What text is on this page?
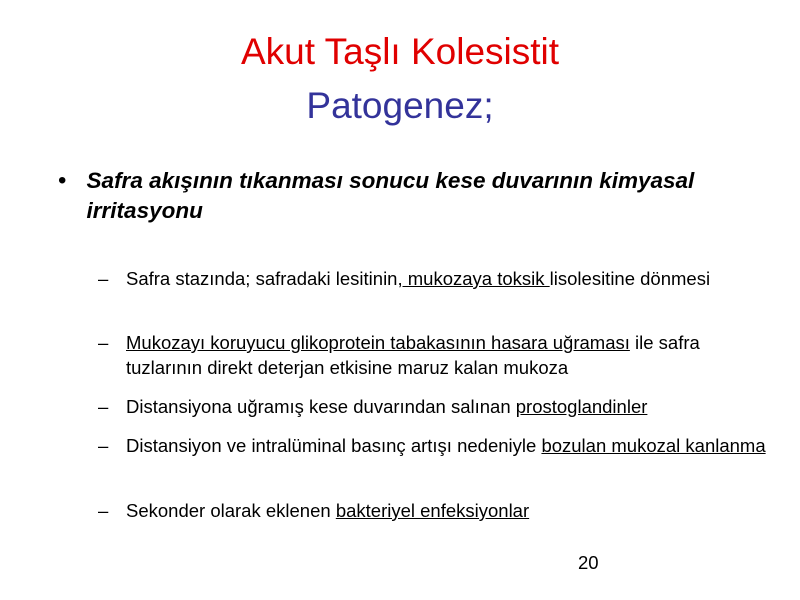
Akut Taşlı Kolesistit
Patogenez;
• Safra akışının tıkanması sonucu kese duvarının kimyasal irritasyonu
– Safra stazında; safradaki lesitinin, mukozaya toksik lisolesitine dönmesi
– Mukozayı koruyucu glikoprotein tabakasının hasara uğraması ile safra tuzlarının direkt deterjan etkisine maruz kalan mukoza
– Distansiyona uğramış kese duvarından salınan prostoglandinler
– Distansiyon ve intralüminal basınç artışı nedeniyle bozulan mukozal kanlanma
– Sekonder olarak eklenen bakteriyel enfeksiyonlar
20
